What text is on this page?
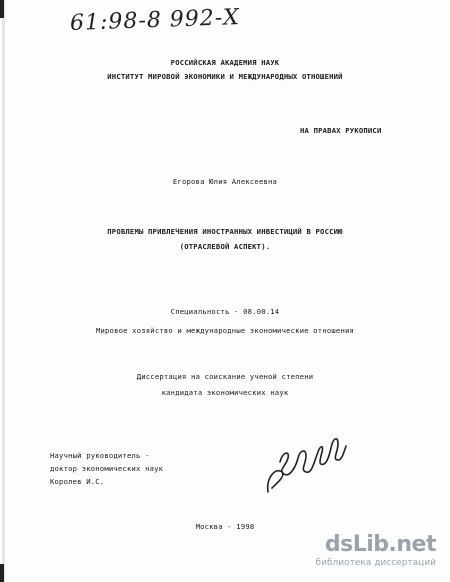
61:98-8 992-Х
РОССИЙСКАЯ АКАДЕМИЯ НАУК
ИНСТИТУТ МИРОВОЙ ЭКОНОМИКИ И МЕЖДУНАРОДНЫХ ОТНОШЕНИЙ
НА ПРАВАХ РУКОПИСИ
Егорова Юлия Алексеевна
ПРОБЛЕМЫ ПРИВЛЕЧЕНИЯ ИНОСТРАННЫХ ИНВЕСТИЦИЙ В РОССИЮ
(ОТРАСЛЕВОЙ АСПЕКТ).
Специальность - 08.00.14
Мировое хозяйство и международные экономические отношения
Диссертация на соискание ученой степени
кандидата экономических наук
Научный руководитель -
доктор экономических наук
Королев И.С.
Егорова
Москва - 1998
dsLib.net
библиотека диссертаций
